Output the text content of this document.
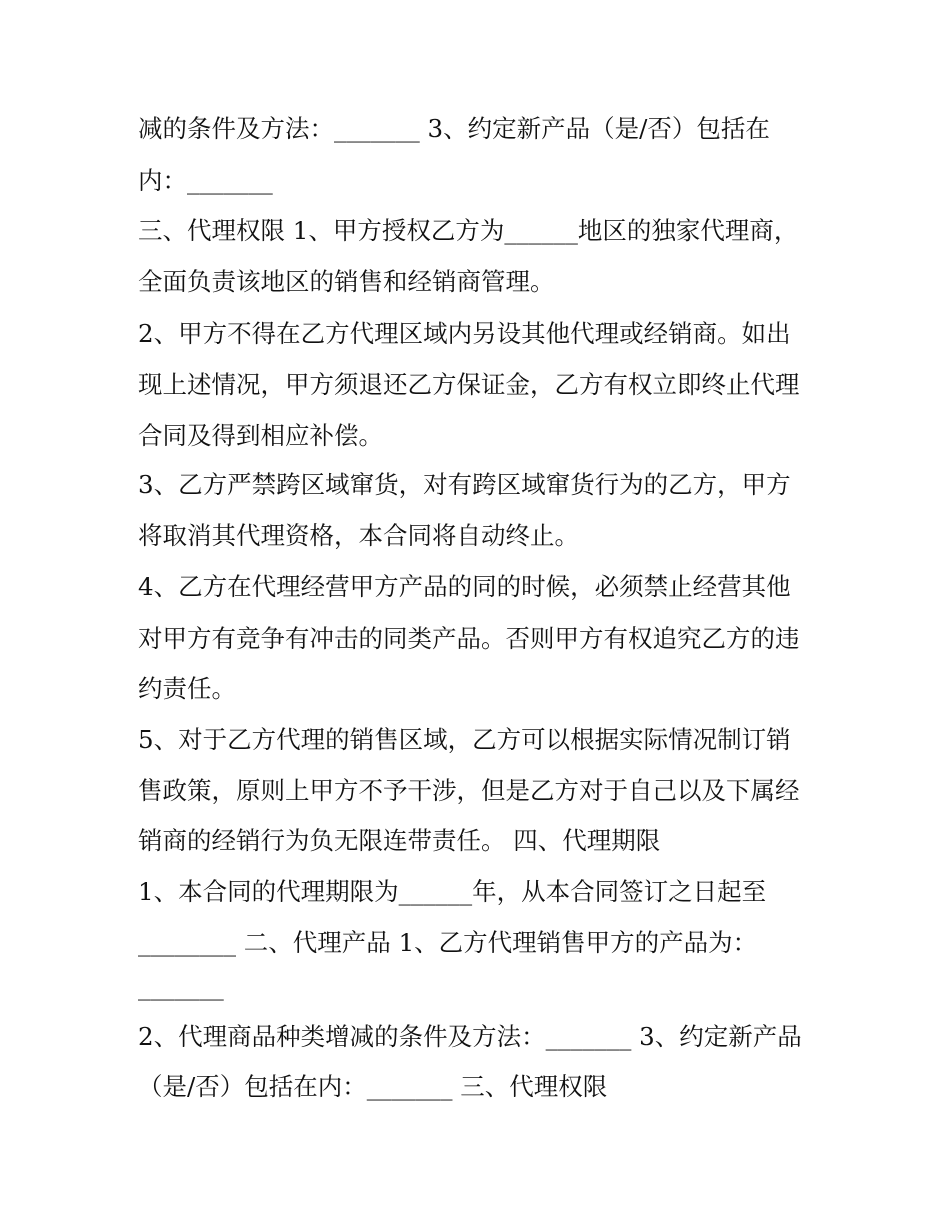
减的条件及方法：_______ 3、约定新产品（是/否）包括在

内：_______

三、代理权限 1、甲方授权乙方为______地区的独家代理商，

全面负责该地区的销售和经销商管理。

2、甲方不得在乙方代理区域内另设其他代理或经销商。如出

现上述情况，甲方须退还乙方保证金，乙方有权立即终止代理

合同及得到相应补偿。

3、乙方严禁跨区域窜货，对有跨区域窜货行为的乙方，甲方

将取消其代理资格，本合同将自动终止。

4、乙方在代理经营甲方产品的同的时候，必须禁止经营其他

对甲方有竞争有冲击的同类产品。否则甲方有权追究乙方的违

约责任。

5、对于乙方代理的销售区域，乙方可以根据实际情况制订销

售政策，原则上甲方不予干涉，但是乙方对于自己以及下属经

销商的经销行为负无限连带责任。 四、代理期限

1、本合同的代理期限为______年，从本合同签订之日起至

________ 二、代理产品 1、乙方代理销售甲方的产品为：

_______

2、代理商品种类增减的条件及方法：_______ 3、约定新产品

（是/否）包括在内：_______ 三、代理权限
